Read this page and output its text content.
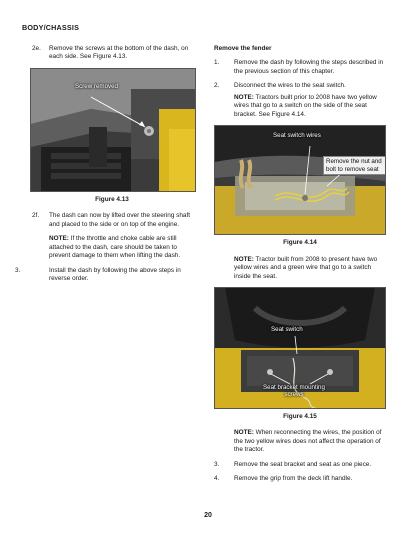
BODY/CHASSIS
2e.	Remove the screws at the bottom of the dash, on each side. See Figure 4.13.
Screw removed
Figure 4.13
2f.	The dash can now by lifted over the steering shaft and placed to the side or on top of the engine.
NOTE: If the throttle and choke cable are still attached to the dash, care should be taken to prevent damage to them when lifting the dash.
3.	Install the dash by following the above steps in reverse order.
Remove the fender
1.	Remove the dash by following the steps described in the previous section of this chapter.
2.	Disconnect the wires to the seat switch.
NOTE: Tractors built prior to 2008 have two yellow wires that go to a switch on the side of the seat bracket. See Figure 4.14.
Seat switch wires
Remove the nut and bolt to remove seat
Figure 4.14
NOTE: Tractor built from 2008 to present have two yellow wires and a green wire that go to a switch inside the seat.
Seat switch
Seat bracket mounting screws
Figure 4.15
NOTE: When reconnecting the wires, the position of the two yellow wires does not affect the operation of the tractor.
3.	Remove the seat bracket and seat as one piece.
4.	Remove the grip from the deck lift handle.
20
